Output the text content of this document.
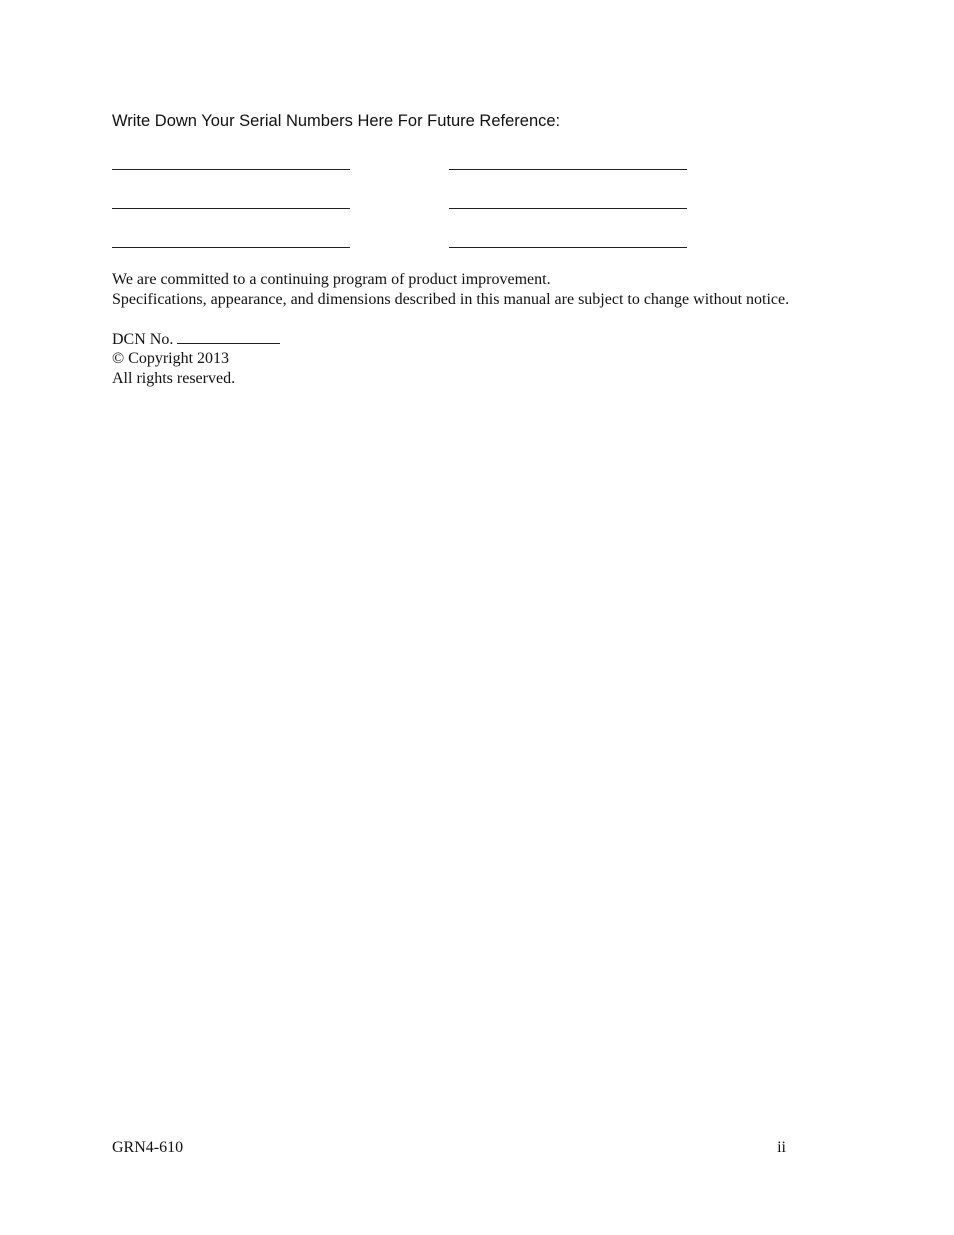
Write Down Your Serial Numbers Here For Future Reference:
We are committed to a continuing program of product improvement.
Specifications, appearance, and dimensions described in this manual are subject to change without notice.
DCN No.
© Copyright 2013
All rights reserved.
GRN4-610	ii
